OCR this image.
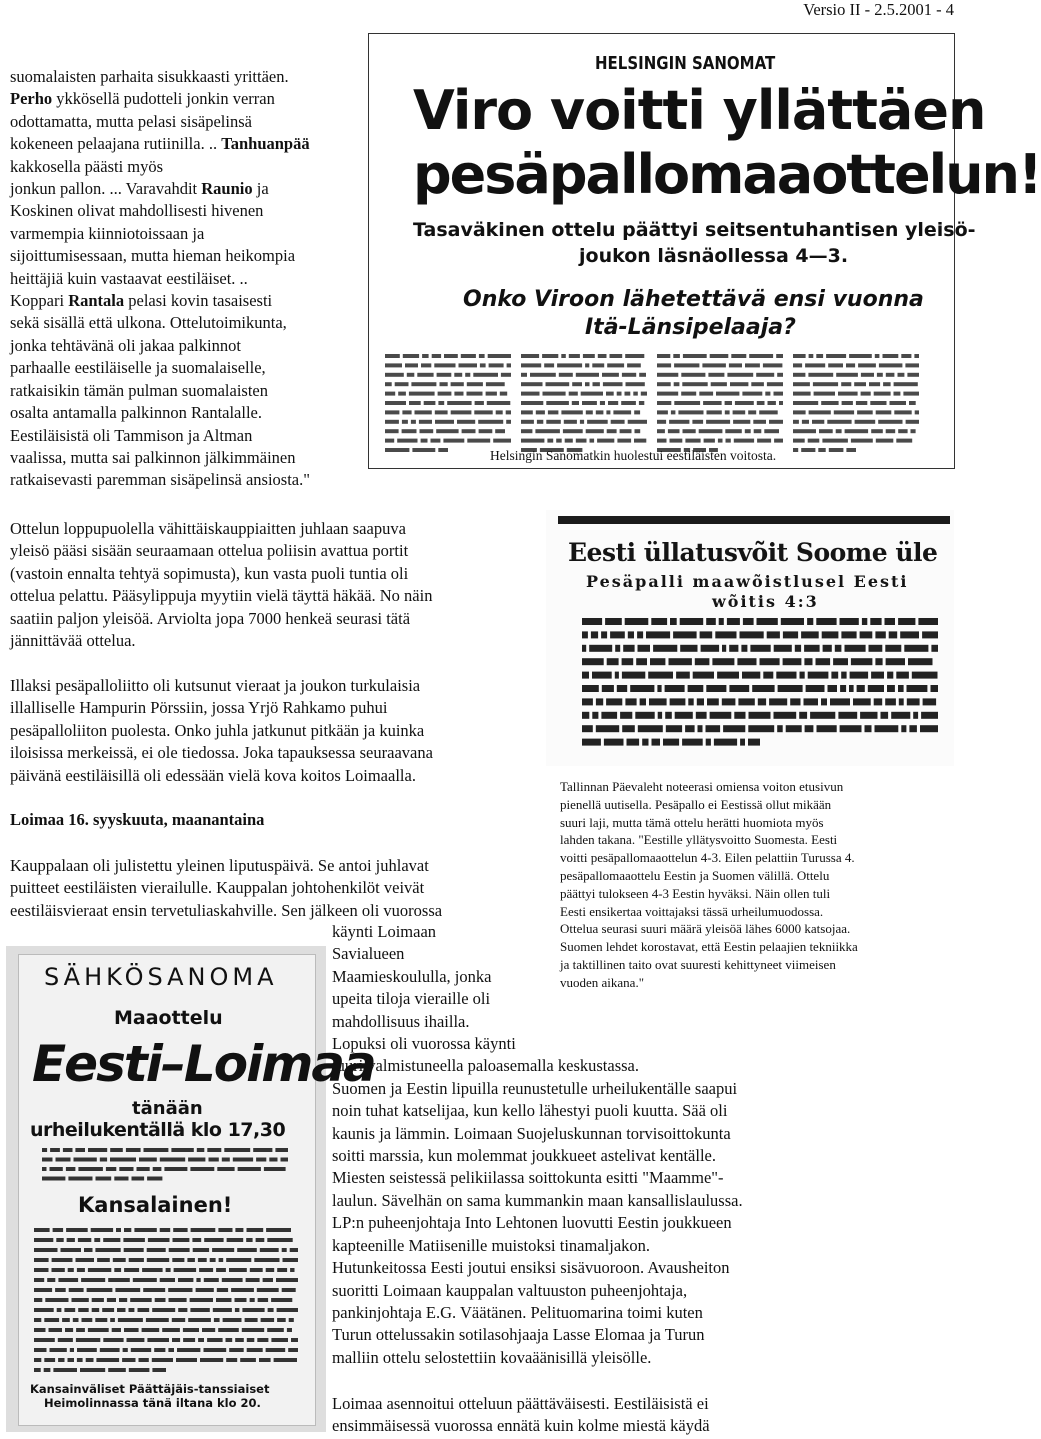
Versio II - 2.5.2001 - 4

suomalaisten parhaita sisukkaasti yrittäen.
Perho ykkösellä pudotteli jonkin verran
odottamatta, mutta pelasi sisäpelinsä
kokeneen pelaajana rutiinilla. .. Tanhuanpää kakkosella päästi myös
jonkun pallon. ... Varavahdit Raunio ja
Koskinen olivat mahdollisesti hivenen
varmempia kiinniotoissaan ja
sijoittumisessaan, mutta hieman heikompia
heittäjiä kuin vastaavat eestiläiset. ..
Koppari Rantala pelasi kovin tasaisesti
sekä sisällä että ulkona. Ottelutoimikunta,
jonka tehtävänä oli jakaa palkinnot
parhaalle eestiläiselle ja suomalaiselle,
ratkaisikin tämän pulman suomalaisten
osalta antamalla palkinnon Rantalalle.
Eestiläisistä oli Tammison ja Altman
vaalissa, mutta sai palkinnon jälkimmäinen
ratkaisevasti paremman sisäpelinsä ansiosta."

HELSINGIN SANOMAT
Viro voitti yllättäen
pesäpallomaaottelun!
Tasaväkinen ottelu päättyi seitsentuhantisen yleisö-
joukon läsnäollessa 4—3.
Onko Viroon lähetettävä ensi vuonna
Itä-Länsipelaaja?
Helsingin Sanomatkin huolestui eestiläisten voitosta.

Ottelun loppupuolella vähittäiskauppiaitten juhlaan saapuva
yleisö pääsi sisään seuraamaan ottelua poliisin avattua portit
(vastoin ennalta tehtyä sopimusta), kun vasta puoli tuntia oli
ottelua pelattu. Pääsylippuja myytiin vielä täyttä häkää. No näin
saatiin paljon yleisöä. Arviolta jopa 7000 henkeä seurasi tätä
jännittävää ottelua.

Illaksi pesäpalloliitto oli kutsunut vieraat ja joukon turkulaisia
illalliselle Hampurin Pörssiin, jossa Yrjö Rahkamo puhui
pesäpalloliiton puolesta. Onko juhla jatkunut pitkään ja kuinka
iloisissa merkeissä, ei ole tiedossa. Joka tapauksessa seuraavana
päivänä eestiläisillä oli edessään vielä kova koitos Loimaalla.

Loimaa 16. syyskuuta, maanantaina

Kauppalaan oli julistettu yleinen liputuspäivä. Se antoi juhlavat
puitteet eestiläisten vierailulle. Kauppalan johtohenkilöt veivät
eestiläisvieraat ensin tervetuliaskahville. Sen jälkeen oli vuorossa

käynti Loimaan
Savialueen
Maamieskoululla, jonka
upeita tiloja vieraille oli
mahdollisuus ihailla.
Lopuksi oli vuorossa käynti
juuri valmistuneella paloasemalla keskustassa.
Suomen ja Eestin lipuilla reunustetulle urheilukentälle saapui
noin tuhat katselijaa, kun kello lähestyi puoli kuutta. Sää oli
kaunis ja lämmin. Loimaan Suojeluskunnan torvisoittokunta
soitti marssia, kun molemmat joukkueet astelivat kentälle.
Miesten seistessä pelikiilassa soittokunta esitti "Maamme"-
laulun. Sävelhän on sama kummankin maan kansallislaulussa.
LP:n puheenjohtaja Into Lehtonen luovutti Eestin joukkueen
kapteenille Matiisenille muistoksi tinamaljakon.
Hutunkeitossa Eesti joutui ensiksi sisävuoroon. Avausheiton
suoritti Loimaan kauppalan valtuuston puheenjohtaja,
pankinjohtaja E.G. Väätänen. Pelituomarina toimi kuten
Turun ottelussakin sotilasohjaaja Lasse Elomaa ja Turun
malliin ottelu selostettiin kovaäänisillä yleisölle.

Loimaa asennoitui otteluun päättäväisesti. Eestiläisistä ei
ensimmäisessä vuorossa ennätä kuin kolme miestä käydä

Eesti üllatusvõit Soome üle
Pesäpalli maawõistlusel Eesti
wõitis 4:3

Tallinnan Päevaleht noteerasi omiensa voiton etusivun
pienellä uutisella. Pesäpallo ei Eestissä ollut mikään
suuri laji, mutta tämä ottelu herätti huomiota myös
lahden takana. "Eestille yllätysvoitto Suomesta. Eesti
voitti pesäpallomaaottelun 4-3. Eilen pelattiin Turussa 4.
pesäpallomaaottelu Eestin ja Suomen välillä. Ottelu
päättyi tulokseen 4-3 Eestin hyväksi. Näin ollen tuli
Eesti ensikertaa voittajaksi tässä urheilumuodossa.
Ottelua seurasi suuri määrä yleisöä lähes 6000 katsojaa.
Suomen lehdet korostavat, että Eestin pelaajien tekniikka
ja taktillinen taito ovat suuresti kehittyneet viimeisen
vuoden aikana."

SÄHKÖSANOMA
Maaottelu
Eesti–Loimaa
tänään
urheilukentällä klo 17,30
Kansalainen!
Kansainväliset Päättäjäis-tanssiaiset
Heimolinnassa tänä iltana klo 20.
